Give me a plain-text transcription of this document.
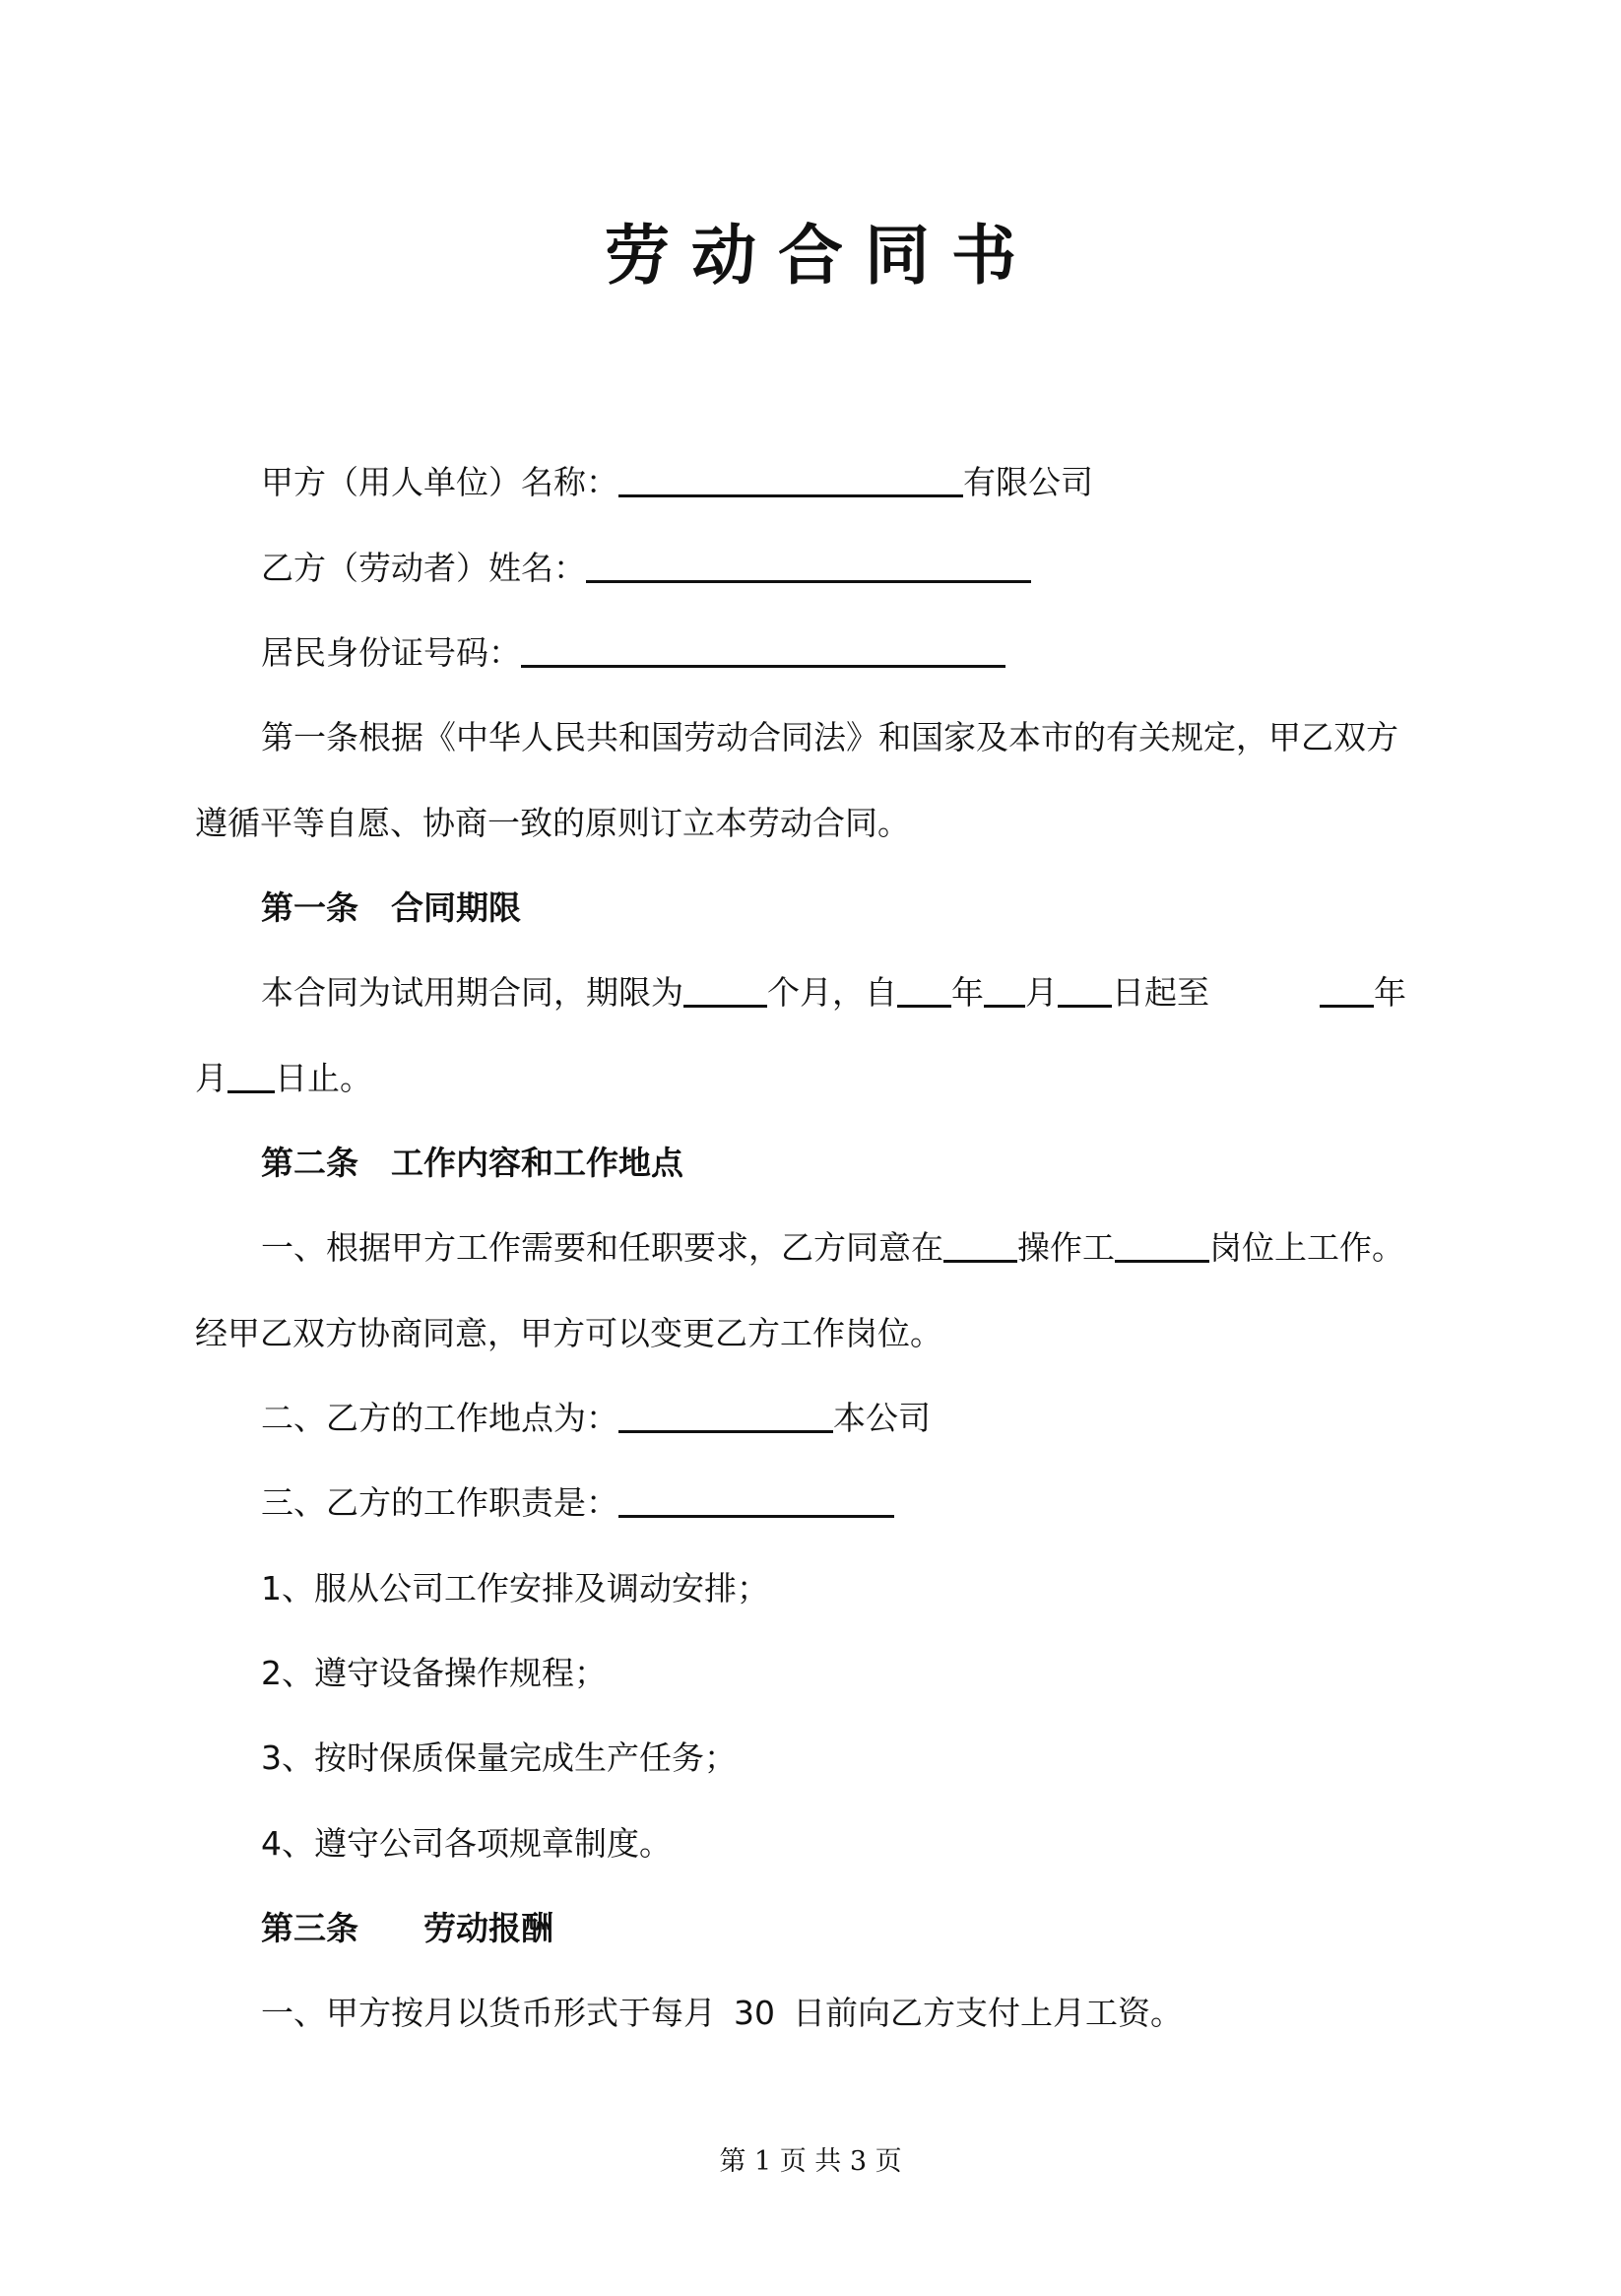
劳动合同书
甲方（用人单位）名称：	有限公司
乙方（劳动者）姓名：
居民身份证号码：
第一条根据《中华人民共和国劳动合同法》和国家及本市的有关规定，甲乙双方
遵循平等自愿、协商一致的原则订立本劳动合同。
第一条　合同期限
本合同为试用期合同，期限为	个月，自 年 月 日起至	年
月 日止。
第二条　工作内容和工作地点
一、根据甲方工作需要和任职要求，乙方同意在 操作工	岗位上工作。
经甲乙双方协商同意，甲方可以变更乙方工作岗位。
二、乙方的工作地点为：	本公司
三、乙方的工作职责是：
1、服从公司工作安排及调动安排；
2、遵守设备操作规程；
3、按时保质保量完成生产任务；
4、遵守公司各项规章制度。
第三条　　劳动报酬
一、甲方按月以货币形式于每月 30 日前向乙方支付上月工资。
第 1 页 共 3 页
